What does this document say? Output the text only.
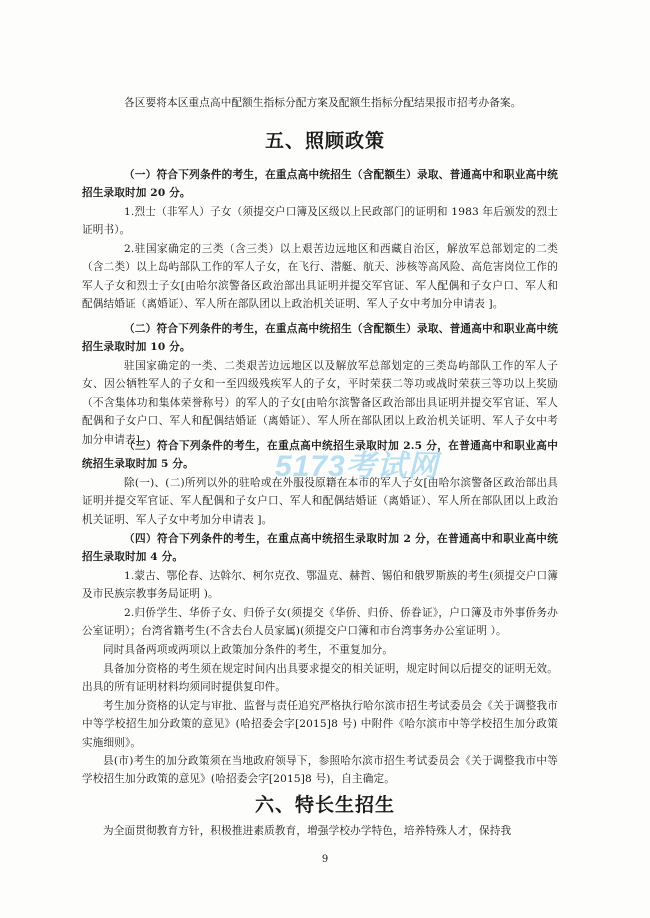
各区要将本区重点高中配额生指标分配方案及配额生指标分配结果报市招考办备案。

五、照顾政策

（一）符合下列条件的考生，在重点高中统招生（含配额生）录取、普通高中和职业高中统招生录取时加 20 分。

1.烈士（非军人）子女（须提交户口簿及区级以上民政部门的证明和 1983 年后颁发的烈士证明书）。

2.驻国家确定的三类（含三类）以上艰苦边远地区和西藏自治区，解放军总部划定的二类（含二类）以上岛屿部队工作的军人子女，在飞行、潜艇、航天、涉核等高风险、高危害岗位工作的军人子女和烈士子女[由哈尔滨警备区政治部出具证明并提交军官证、军人配偶和子女户口、军人和配偶结婚证（离婚证）、军人所在部队团以上政治机关证明、军人子女中考加分申请表 ]。

（二）符合下列条件的考生，在重点高中统招生（含配额生）录取、普通高中和职业高中统招生录取时加 10 分。

驻国家确定的一类、二类艰苦边远地区以及解放军总部划定的三类岛屿部队工作的军人子女、因公牺牲军人的子女和一至四级残疾军人的子女，平时荣获二等功或战时荣获三等功以上奖励（不含集体功和集体荣誉称号）的军人的子女[由哈尔滨警备区政治部出具证明并提交军官证、军人配偶和子女户口、军人和配偶结婚证（离婚证）、军人所在部队团以上政治机关证明、军人子女中考加分申请表]。

（三）符合下列条件的考生，在重点高中统招生录取时加 2.5 分，在普通高中和职业高中统招生录取时加 5 分。

除(一)、(二)所列以外的驻哈或在外服役原籍在本市的军人子女[由哈尔滨警备区政治部出具证明并提交军官证、军人配偶和子女户口、军人和配偶结婚证（离婚证）、军人所在部队团以上政治机关证明、军人子女中考加分申请表 ]。

（四）符合下列条件的考生，在重点高中统招生录取时加 2 分，在普通高中和职业高中统招生录取时加 4 分。

1.蒙古、鄂伦春、达斡尔、柯尔克孜、鄂温克、赫哲、锡伯和俄罗斯族的考生(须提交户口簿及市民族宗教事务局证明 )。

2.归侨学生、华侨子女、归侨子女(须提交《华侨、归侨、侨眷证》，户口簿及市外事侨务办公室证明）；台湾省籍考生(不含去台人员家属)(须提交户口簿和市台湾事务办公室证明 ）。

同时具备两项或两项以上政策加分条件的考生，不重复加分。

具备加分资格的考生须在规定时间内出具要求提交的相关证明，规定时间以后提交的证明无效。出具的所有证明材料均须同时提供复印件。

考生加分资格的认定与审批、监督与责任追究严格执行哈尔滨市招生考试委员会《关于调整我市中等学校招生加分政策的意见》(哈招委会字[2015]8 号) 中附件《哈尔滨市中等学校招生加分政策实施细则》。

县(市)考生的加分政策须在当地政府领导下，参照哈尔滨市招生考试委员会《关于调整我市中等学校招生加分政策的意见》(哈招委会字[2015]8 号)，自主确定。

六、特长生招生

为全面贯彻教育方针，积极推进素质教育，增强学校办学特色，培养特殊人才，保持我

5173考试网
9
